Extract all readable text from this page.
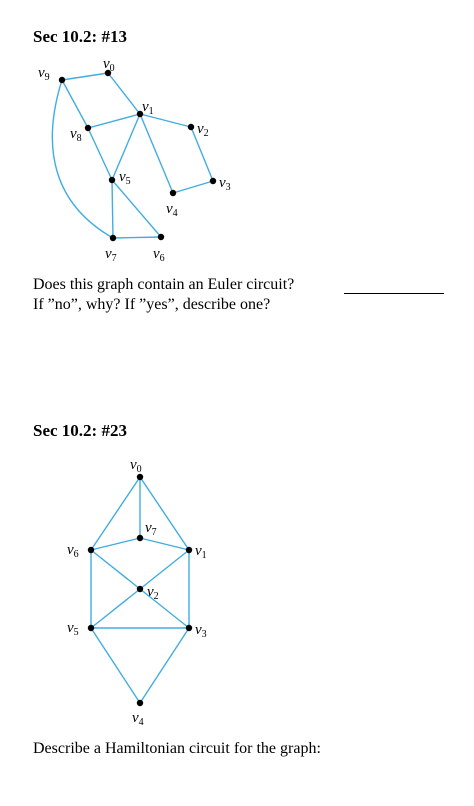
Sec 10.2: #13
$v_0$
$v_1$
$v_2$
$v_3$
$v_4$
$v_5$
$v_6$
$v_7$
$v_8$
$v_9$
$v_0$
$v_1$
$v_2$
$v_3$
$v_4$
$v_5$
$v_6$
$v_7$
Does this graph contain an Euler circuit?
If ”no”, why? If ”yes”, describe one?
Sec 10.2: #23
Describe a Hamiltonian circuit for the graph:
